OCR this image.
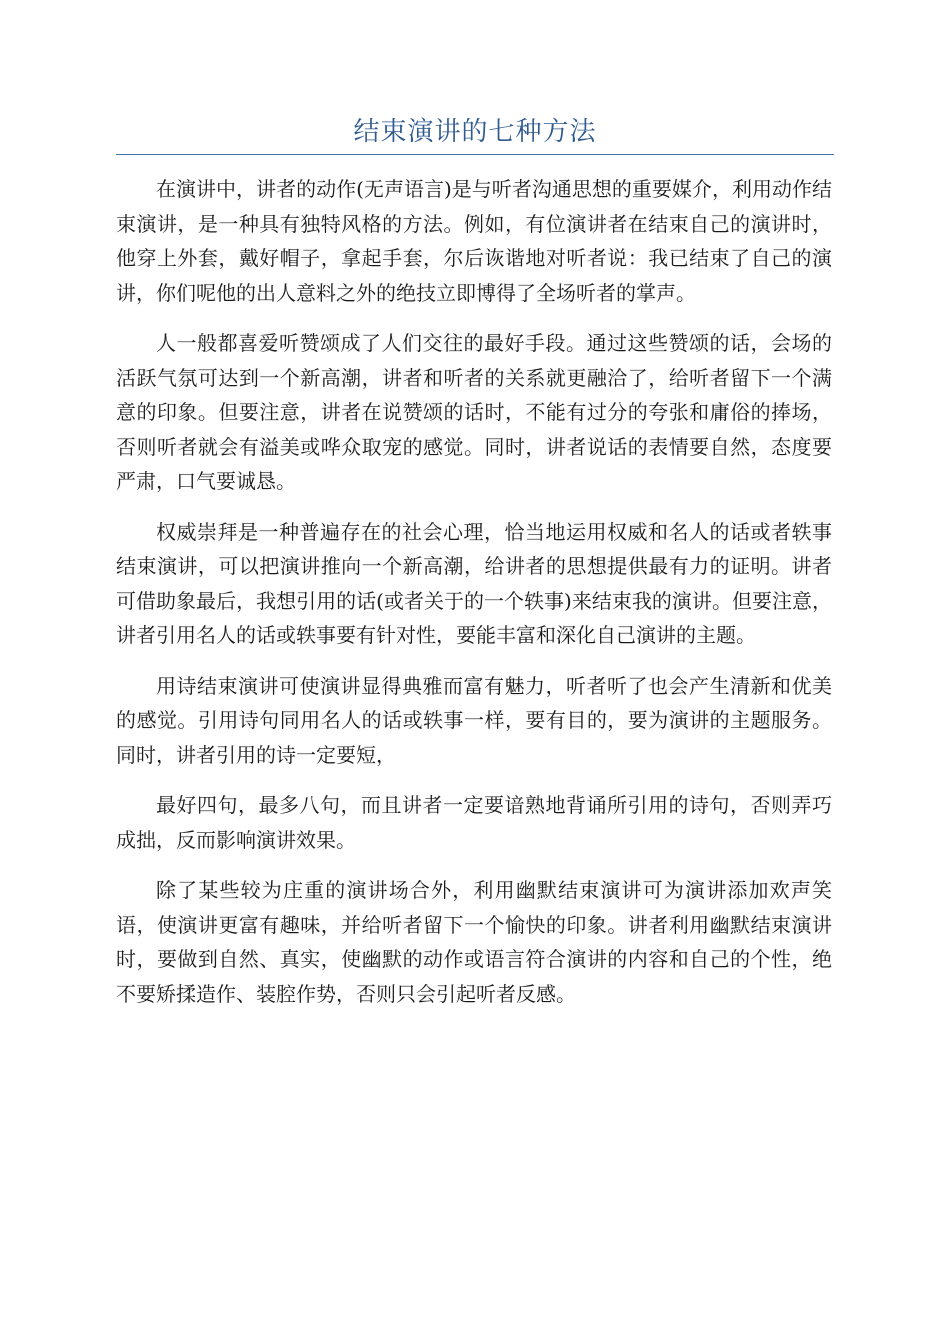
结束演讲的七种方法

在演讲中，讲者的动作(无声语言)是与听者沟通思想的重要媒介，利用动作结束演讲，是一种具有独特风格的方法。例如，有位演讲者在结束自己的演讲时，他穿上外套，戴好帽子，拿起手套，尔后诙谐地对听者说：我已结束了自己的演讲，你们呢他的出人意料之外的绝技立即博得了全场听者的掌声。

人一般都喜爱听赞颂成了人们交往的最好手段。通过这些赞颂的话，会场的活跃气氛可达到一个新高潮，讲者和听者的关系就更融洽了，给听者留下一个满意的印象。但要注意，讲者在说赞颂的话时，不能有过分的夸张和庸俗的捧场，否则听者就会有溢美或哗众取宠的感觉。同时，讲者说话的表情要自然，态度要严肃，口气要诚恳。

权威崇拜是一种普遍存在的社会心理，恰当地运用权威和名人的话或者轶事结束演讲，可以把演讲推向一个新高潮，给讲者的思想提供最有力的证明。讲者可借助象最后，我想引用的话(或者关于的一个轶事)来结束我的演讲。但要注意，讲者引用名人的话或轶事要有针对性，要能丰富和深化自己演讲的主题。

用诗结束演讲可使演讲显得典雅而富有魅力，听者听了也会产生清新和优美的感觉。引用诗句同用名人的话或轶事一样，要有目的，要为演讲的主题服务。同时，讲者引用的诗一定要短，

最好四句，最多八句，而且讲者一定要谙熟地背诵所引用的诗句，否则弄巧成拙，反而影响演讲效果。

除了某些较为庄重的演讲场合外，利用幽默结束演讲可为演讲添加欢声笑语，使演讲更富有趣味，并给听者留下一个愉快的印象。讲者利用幽默结束演讲时，要做到自然、真实，使幽默的动作或语言符合演讲的内容和自己的个性，绝不要矫揉造作、装腔作势，否则只会引起听者反感。
